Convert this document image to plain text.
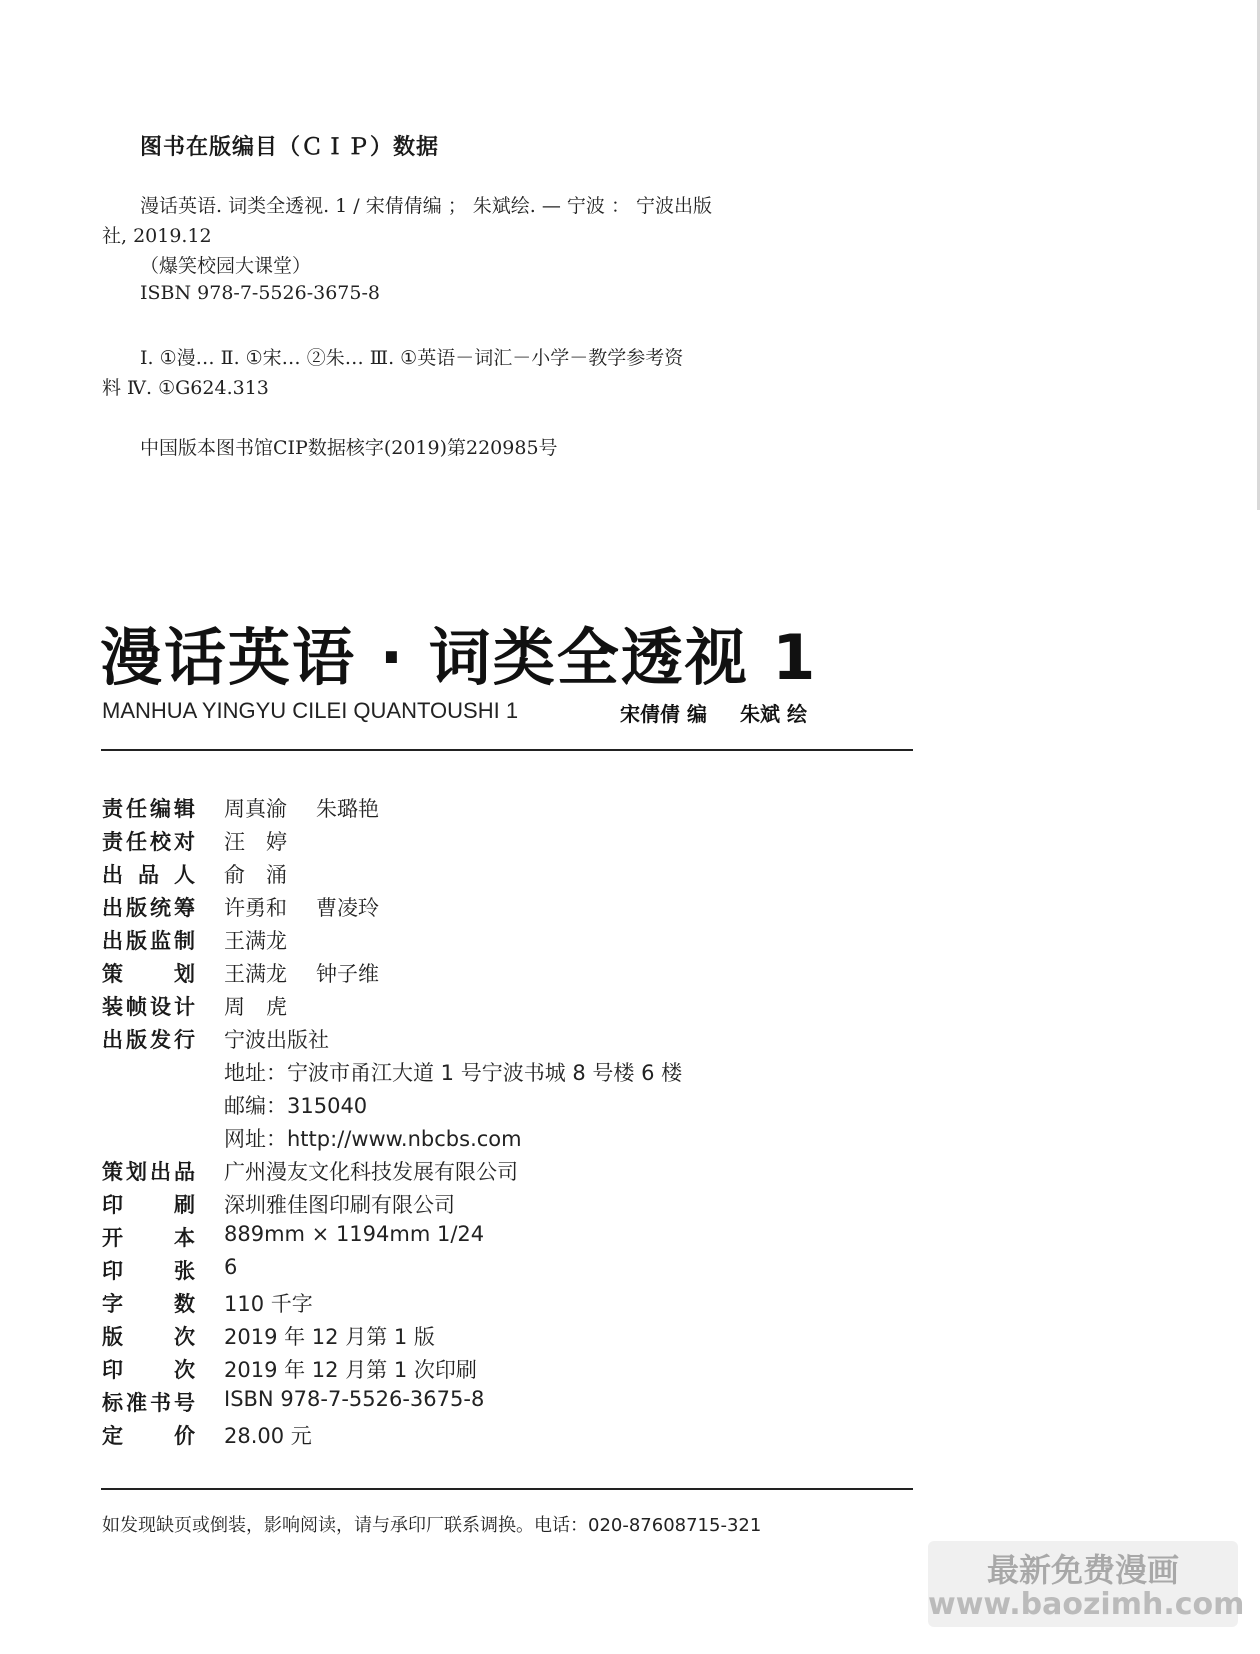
图书在版编目（ＣＩＰ）数据
漫话英语. 词类全透视. 1 / 宋倩倩编 ； 朱斌绘. — 宁波 ： 宁波出版
社, 2019.12
（爆笑校园大课堂）
ISBN 978-7-5526-3675-8
Ⅰ. ①漫… Ⅱ. ①宋… ②朱… Ⅲ. ①英语－词汇－小学－教学参考资
料 Ⅳ. ①G624.313
中国版本图书馆CIP数据核字(2019)第220985号
漫话英语 · 词类全透视 1
MANHUA YINGYU CILEI QUANTOUSHI 1	宋倩倩 编 朱斌 绘
责任编辑 周真渝 朱璐艳
责任校对 汪　婷
出品人 俞　涌
出版统筹 许勇和 曹凌玲
出版监制 王满龙
策划 王满龙 钟子维
装帧设计 周　虎
出版发行 宁波出版社
地址：宁波市甬江大道 1 号宁波书城 8 号楼 6 楼
邮编：315040
网址：http://www.nbcbs.com
策划出品 广州漫友文化科技发展有限公司
印刷 深圳雅佳图印刷有限公司
开本 889mm × 1194mm 1/24
印张 6
字数 110 千字
版次 2019 年 12 月第 1 版
印次 2019 年 12 月第 1 次印刷
标准书号 ISBN 978-7-5526-3675-8
定价 28.00 元
如发现缺页或倒装，影响阅读，请与承印厂联系调换。电话：020-87608715-321
最新免费漫画
www.baozimh.com
